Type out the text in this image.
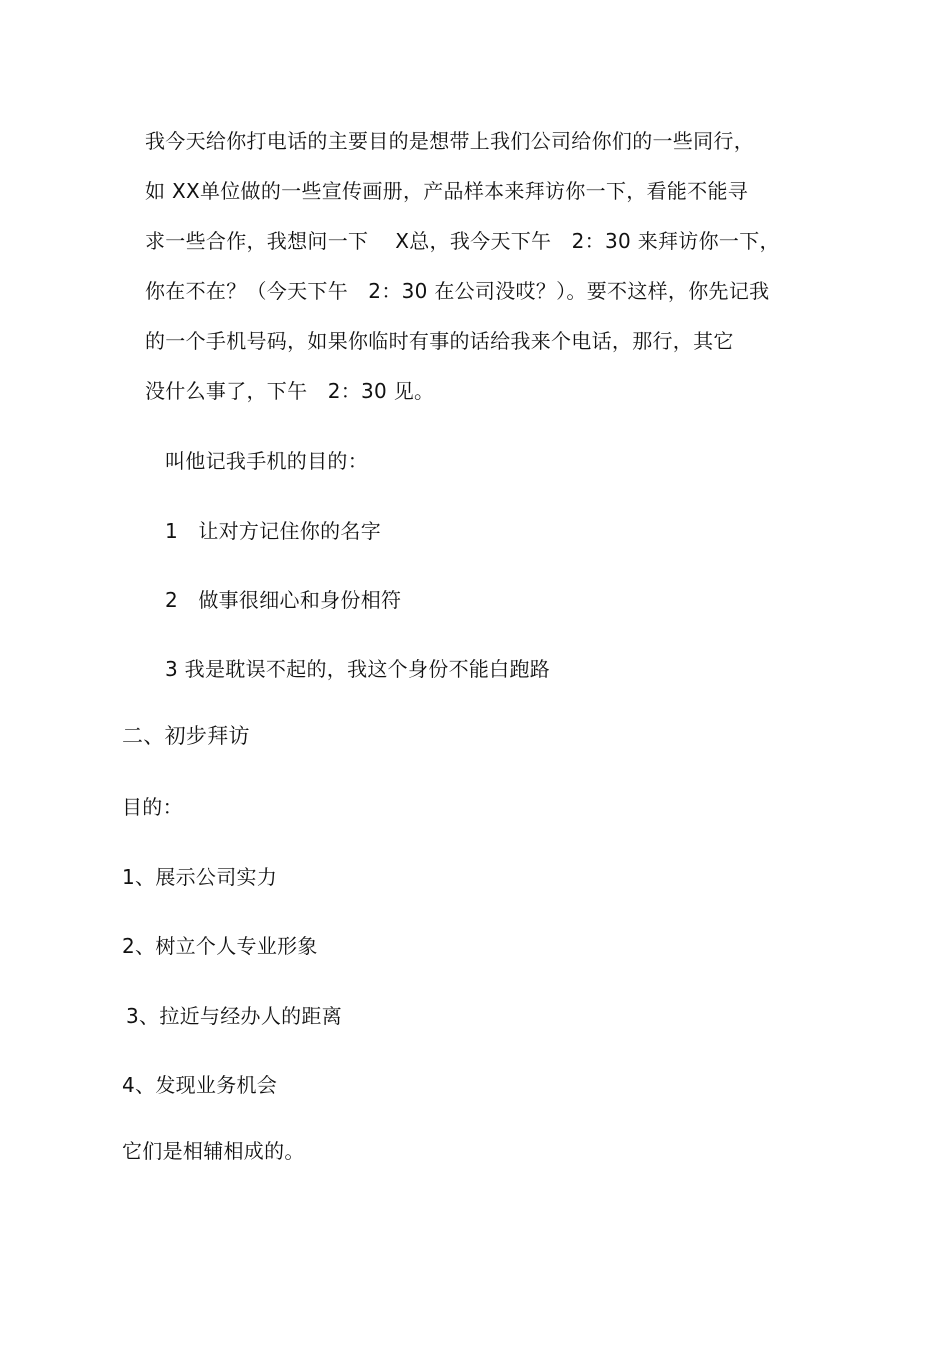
我今天给你打电话的主要目的是想带上我们公司给你们的一些同行，
如 XX单位做的一些宣传画册，产品样本来拜访你一下，看能不能寻
求一些合作，我想问一下　 X总，我今天下午　2：30 来拜访你一下，
你在不在？（今天下午　2：30 在公司没哎？）。要不这样，你先记我
的一个手机号码，如果你临时有事的话给我来个电话，那行，其它
没什么事了，下午　2：30 见。
叫他记我手机的目的：
1　让对方记住你的名字
2　做事很细心和身份相符
3 我是耽误不起的，我这个身份不能白跑路
二、初步拜访
目的：
1、展示公司实力
2、树立个人专业形象
3、拉近与经办人的距离
4、发现业务机会
它们是相辅相成的。
